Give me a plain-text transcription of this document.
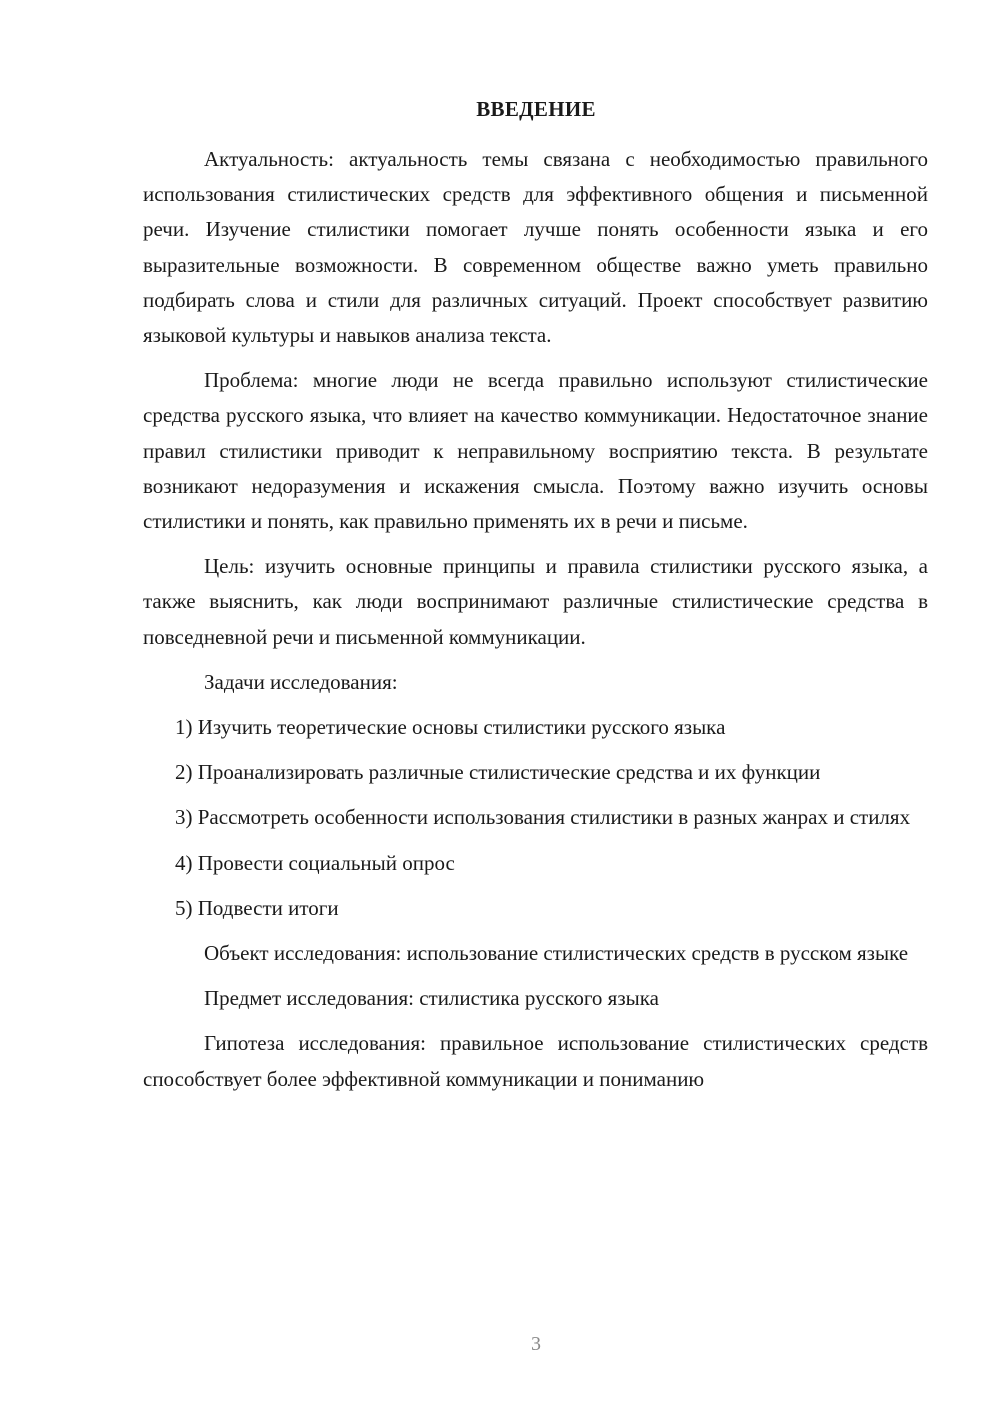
ВВЕДЕНИЕ

Актуальность: актуальность темы связана с необходимостью правильного использования стилистических средств для эффективного общения и письменной речи. Изучение стилистики помогает лучше понять особенности языка и его выразительные возможности. В современном обществе важно уметь правильно подбирать слова и стили для различных ситуаций. Проект способствует развитию языковой культуры и навыков анализа текста.

Проблема: многие люди не всегда правильно используют стилистические средства русского языка, что влияет на качество коммуникации. Недостаточное знание правил стилистики приводит к неправильному восприятию текста. В результате возникают недоразумения и искажения смысла. Поэтому важно изучить основы стилистики и понять, как правильно применять их в речи и письме.

Цель: изучить основные принципы и правила стилистики русского языка, а также выяснить, как люди воспринимают различные стилистические средства в повседневной речи и письменной коммуникации.

Задачи исследования:

1) Изучить теоретические основы стилистики русского языка

2) Проанализировать различные стилистические средства и их функции

3) Рассмотреть особенности использования стилистики в разных жанрах и стилях

4) Провести социальный опрос

5) Подвести итоги

Объект исследования: использование стилистических средств в русском языке

Предмет исследования: стилистика русского языка

Гипотеза исследования: правильное использование стилистических средств способствует более эффективной коммуникации и пониманию

3
